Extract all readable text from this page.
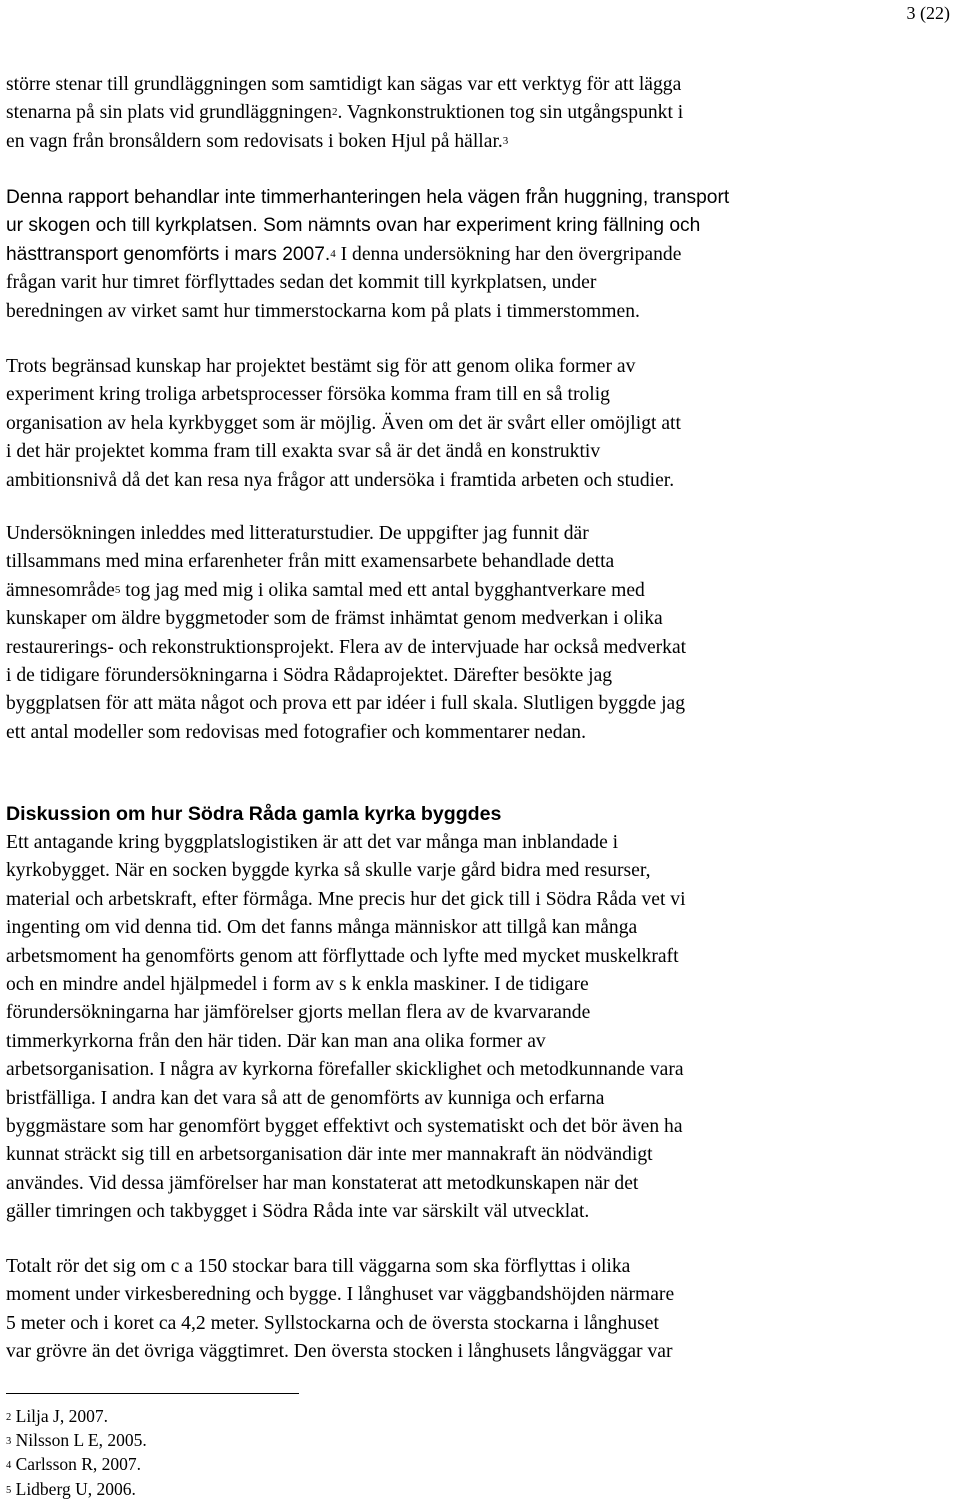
3 (22)
större stenar till grundläggningen som samtidigt kan sägas var ett verktyg för att lägga
stenarna på sin plats vid grundläggningen$^2$. Vagnkonstruktionen tog sin utgångspunkt i
en vagn från bronsåldern som redovisats i boken Hjul på hällar.$^3$
Denna rapport behandlar inte timmerhanteringen hela vägen från huggning, transport
ur skogen och till kyrkplatsen. Som nämnts ovan har experiment kring fällning och
hästtransport genomförts i mars 2007.$^4$ I denna undersökning har den övergripande
frågan varit hur timret förflyttades sedan det kommit till kyrkplatsen, under
beredningen av virket samt hur timmerstockarna kom på plats i timmerstommen.
Trots begränsad kunskap har projektet bestämt sig för att genom olika former av
experiment kring troliga arbetsprocesser försöka komma fram till en så trolig
organisation av hela kyrkbygget som är möjlig. Även om det är svårt eller omöjligt att
i det här projektet komma fram till exakta svar så är det ändå en konstruktiv
ambitionsnivå då det kan resa nya frågor att undersöka i framtida arbeten och studier.
Undersökningen inleddes med litteraturstudier. De uppgifter jag funnit där
tillsammans med mina erfarenheter från mitt examensarbete behandlade detta
ämnesområde$^5$ tog jag med mig i olika samtal med ett antal bygghantverkare med
kunskaper om äldre byggmetoder som de främst inhämtat genom medverkan i olika
restaurerings- och rekonstruktionsprojekt. Flera av de intervjuade har också medverkat
i de tidigare förundersökningarna i Södra Rådaprojektet. Därefter besökte jag
byggplatsen för att mäta något och prova ett par idéer i full skala. Slutligen byggde jag
ett antal modeller som redovisas med fotografier och kommentarer nedan.
Diskussion om hur Södra Råda gamla kyrka byggdes
Ett antagande kring byggplatslogistiken är att det var många man inblandade i
kyrkobygget. När en socken byggde kyrka så skulle varje gård bidra med resurser,
material och arbetskraft, efter förmåga. Mne precis hur det gick till i Södra Råda vet vi
ingenting om vid denna tid. Om det fanns många människor att tillgå kan många
arbetsmoment ha genomförts genom att förflyttade och lyfte med mycket muskelkraft
och en mindre andel hjälpmedel i form av s k enkla maskiner. I de tidigare
förundersökningarna har jämförelser gjorts mellan flera av de kvarvarande
timmerkyrkorna från den här tiden. Där kan man ana olika former av
arbetsorganisation. I några av kyrkorna förefaller skicklighet och metodkunnande vara
bristfälliga. I andra kan det vara så att de genomförts av kunniga och erfarna
byggmästare som har genomfört bygget effektivt och systematiskt och det bör även ha
kunnat sträckt sig till en arbetsorganisation där inte mer mannakraft än nödvändigt
användes. Vid dessa jämförelser har man konstaterat att metodkunskapen när det
gäller timringen och takbygget i Södra Råda inte var särskilt väl utvecklat.
Totalt rör det sig om c a 150 stockar bara till väggarna som ska förflyttas i olika
moment under virkesberedning och bygge. I långhuset var väggbandshöjden närmare
5 meter och i koret ca 4,2 meter. Syllstockarna och de översta stockarna i långhuset
var grövre än det övriga väggtimret. Den översta stocken i långhusets långväggar var
$^2$ Lilja J, 2007.
$^3$ Nilsson L E, 2005.
$^4$ Carlsson R, 2007.
$^5$ Lidberg U, 2006.
